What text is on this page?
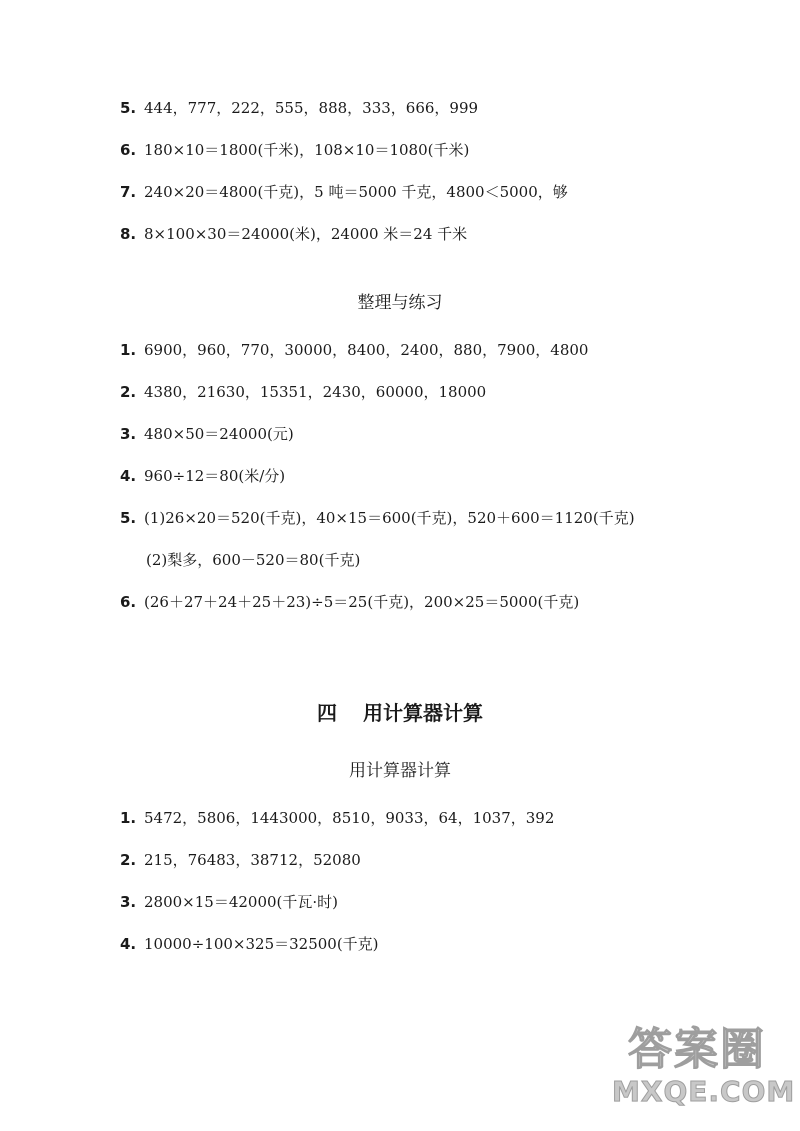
5. 444，777，222，555，888，333，666，999
6. 180×10＝1800(千米)，108×10＝1080(千米)
7. 240×20＝4800(千克)，5 吨＝5000 千克，4800＜5000，够
8. 8×100×30＝24000(米)，24000 米＝24 千米
整理与练习
1. 6900，960，770，30000，8400，2400，880，7900，4800
2. 4380，21630，15351，2430，60000，18000
3. 480×50＝24000(元)
4. 960÷12＝80(米/分)
5. (1)26×20＝520(千克)，40×15＝600(千克)，520＋600＝1120(千克)
(2)梨多，600－520＝80(千克)
6. (26＋27＋24＋25＋23)÷5＝25(千克)，200×25＝5000(千克)
四 用计算器计算
用计算器计算
1. 5472，5806，1443000，8510，9033，64，1037，392
2. 215，76483，38712，52080
3. 2800×15＝42000(千瓦·时)
4. 10000÷100×325＝32500(千克)
答案圈
MXQE.COM
